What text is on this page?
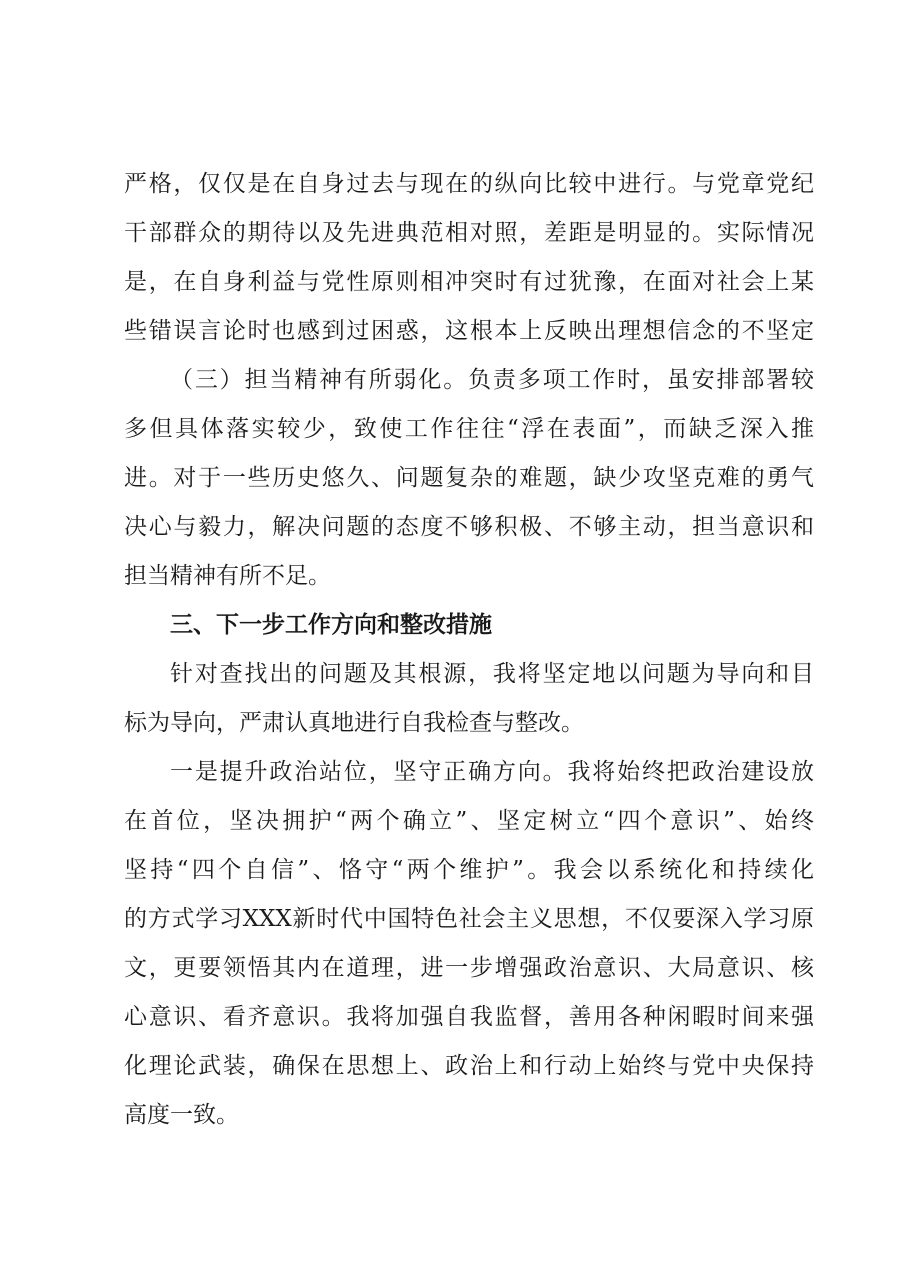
严格，仅仅是在自身过去与现在的纵向比较中进行。与党章党纪
干部群众的期待以及先进典范相对照，差距是明显的。实际情况
是，在自身利益与党性原则相冲突时有过犹豫，在面对社会上某
些错误言论时也感到过困惑，这根本上反映出理想信念的不坚定
（三）担当精神有所弱化。负责多项工作时，虽安排部署较
多但具体落实较少，致使工作往往“浮在表面”，而缺乏深入推
进。对于一些历史悠久、问题复杂的难题，缺少攻坚克难的勇气
决心与毅力，解决问题的态度不够积极、不够主动，担当意识和
担当精神有所不足。
三、下一步工作方向和整改措施
针对查找出的问题及其根源，我将坚定地以问题为导向和目
标为导向，严肃认真地进行自我检查与整改。
一是提升政治站位，坚守正确方向。我将始终把政治建设放
在首位，坚决拥护“两个确立”、坚定树立“四个意识”、始终
坚持“四个自信”、恪守“两个维护”。我会以系统化和持续化
的方式学习XXX新时代中国特色社会主义思想，不仅要深入学习原
文，更要领悟其内在道理，进一步增强政治意识、大局意识、核
心意识、看齐意识。我将加强自我监督，善用各种闲暇时间来强
化理论武装，确保在思想上、政治上和行动上始终与党中央保持
高度一致。
